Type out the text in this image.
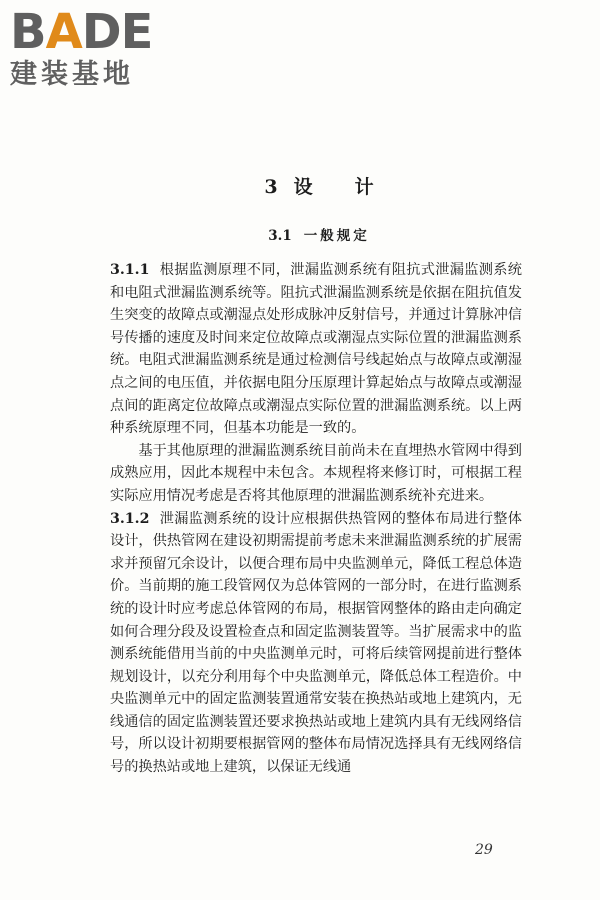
BADE
建装基地
3 设 计
3.1 一般规定

3.1.1 根据监测原理不同，泄漏监测系统有阻抗式泄漏监测系统和电阻式泄漏监测系统等。阻抗式泄漏监测系统是依据在阻抗值发生突变的故障点或潮湿点处形成脉冲反射信号，并通过计算脉冲信号传播的速度及时间来定位故障点或潮湿点实际位置的泄漏监测系统。电阻式泄漏监测系统是通过检测信号线起始点与故障点或潮湿点之间的电压值，并依据电阻分压原理计算起始点与故障点或潮湿点间的距离定位故障点或潮湿点实际位置的泄漏监测系统。以上两种系统原理不同，但基本功能是一致的。

基于其他原理的泄漏监测系统目前尚未在直埋热水管网中得到成熟应用，因此本规程中未包含。本规程将来修订时，可根据工程实际应用情况考虑是否将其他原理的泄漏监测系统补充进来。

3.1.2 泄漏监测系统的设计应根据供热管网的整体布局进行整体设计，供热管网在建设初期需提前考虑未来泄漏监测系统的扩展需求并预留冗余设计，以便合理布局中央监测单元，降低工程总体造价。当前期的施工段管网仅为总体管网的一部分时，在进行监测系统的设计时应考虑总体管网的布局，根据管网整体的路由走向确定如何合理分段及设置检查点和固定监测装置等。当扩展需求中的监测系统能借用当前的中央监测单元时，可将后续管网提前进行整体规划设计，以充分利用每个中央监测单元，降低总体工程造价。中央监测单元中的固定监测装置通常安装在换热站或地上建筑内，无线通信的固定监测装置还要求换热站或地上建筑内具有无线网络信号，所以设计初期要根据管网的整体布局情况选择具有无线网络信号的换热站或地上建筑，以保证无线通

29
